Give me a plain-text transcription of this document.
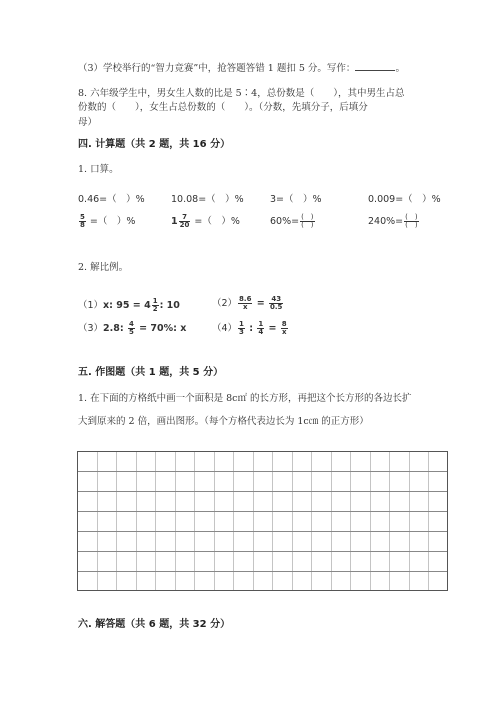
（3）学校举行的“智力竞赛”中，抢答题答错 1 题扣 5 分。写作：	。
8. 六年级学生中，男女生人数的比是 5∶4，总份数是（　　），其中男生占总
份数的（　　），女生占总份数的（　　）。（分数，先填分子，后填分
母）
四. 计算题（共 2 题，共 16 分）
1. 口算。
0.46=（　）%	10.08=（　）%	3=（　）%	0.009=（　）%
$\frac{5}{8}$ =（　）%	$1 \frac{7}{20}$ =（　）%	$60\%= \frac{( )}{( )}$	$240\%= \frac{( )}{( )}$
2. 解比例。
（1）x: $95 = 4 \frac{1}{2}$ : 10	$(2) \frac{8.6}{x} = \frac{43}{0.5}$
（3）2.8: $\frac{4}{5} = 70\%$: x	$(4) \frac{1}{3}$ : $\frac{1}{4} = \frac{8}{x}$
五. 作图题（共 1 题，共 5 分）
1. 在下面的方格纸中画一个面积是 8c㎡ 的长方形，再把这个长方形的各边长扩
大到原来的 2 倍，画出图形。（每个方格代表边长为 1c㎝ 的正方形）
六. 解答题（共 6 题，共 32 分）
